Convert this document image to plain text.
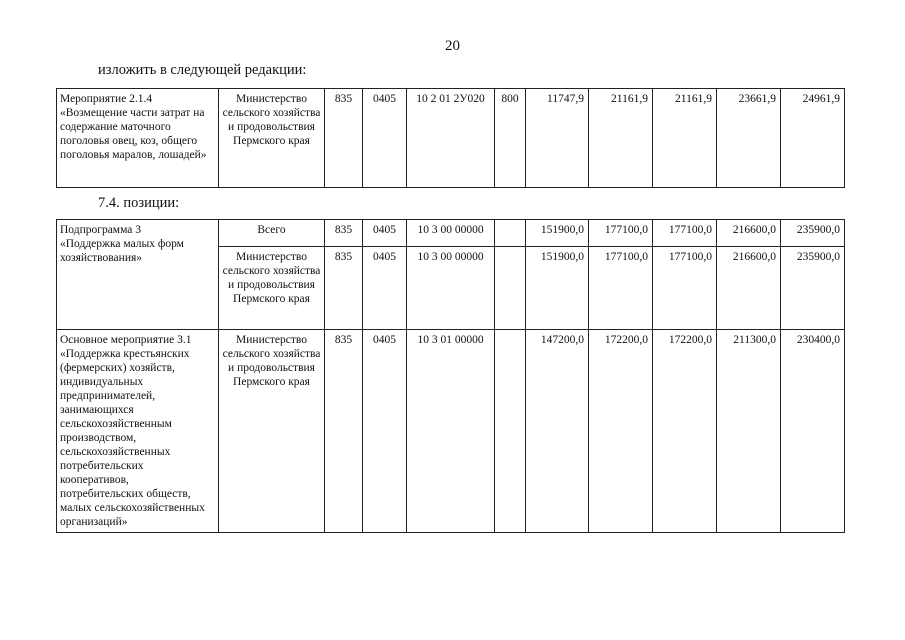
20
изложить в следующей редакции:
Мероприятие 2.1.4
«Возмещение части затрат на содержание маточного поголовья овец, коз, общего поголовья маралов, лошадей»	Министерство сельского хозяйства и продовольствия Пермского края	835	0405	10 2 01 2У020	800	11747,9	21161,9	21161,9	23661,9	24961,9
7.4. позиции:
Подпрограмма 3
«Поддержка малых форм хозяйствования»	Всего	835	0405	10 3 00 00000		151900,0	177100,0	177100,0	216600,0	235900,0
	Министерство сельского хозяйства и продовольствия Пермского края	835	0405	10 3 00 00000		151900,0	177100,0	177100,0	216600,0	235900,0
Основное мероприятие 3.1
«Поддержка крестьянских (фермерских) хозяйств, индивидуальных предпринимателей, занимающихся сельскохозяйственным производством, сельскохозяйственных потребительских кооперативов, потребительских обществ, малых сельскохозяйственных организаций»	Министерство сельского хозяйства и продовольствия Пермского края	835	0405	10 3 01 00000		147200,0	172200,0	172200,0	211300,0	230400,0
